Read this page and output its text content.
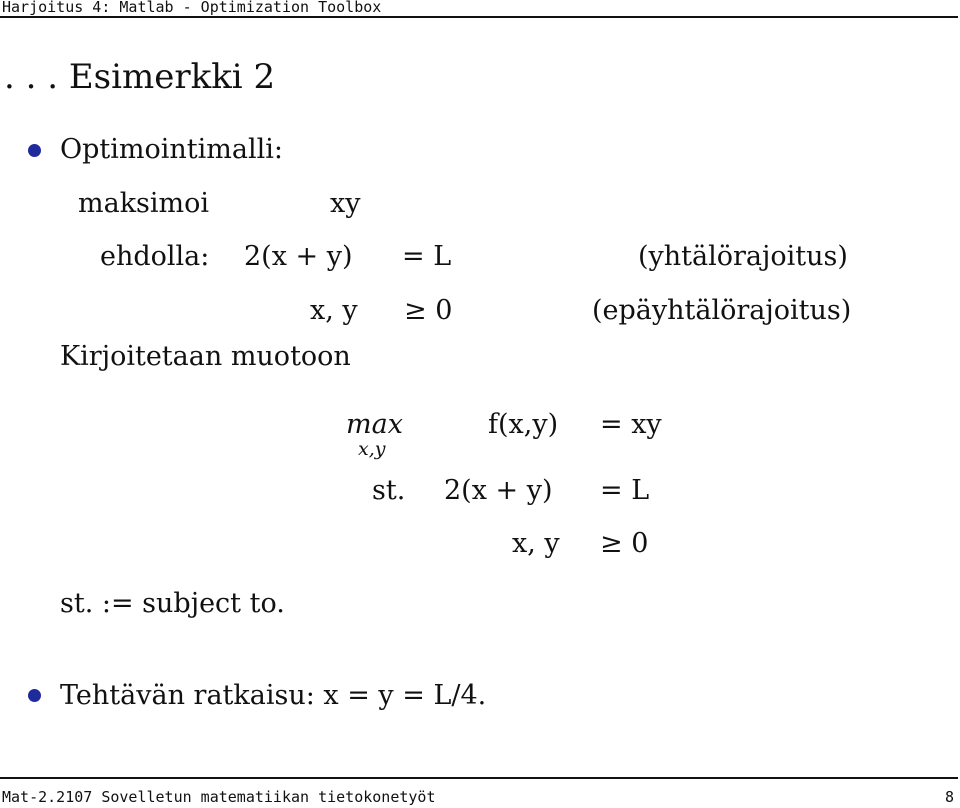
Harjoitus 4: Matlab - Optimization Toolbox
. . . Esimerkki 2
Optimointimalli:
maksimoi	xy
ehdolla: 2(x + y) = L	(yhtälörajoitus)
x, y ≥ 0	(epäyhtälörajoitus)
Kirjoitetaan muotoon
max
x,y
f(x,y) = xy
st. 2(x + y) = L
x, y ≥ 0
st. := subject to.
Tehtävän ratkaisu: x = y = L/4.
Mat-2.2107 Sovelletun matematiikan tietokonetyöt	8
